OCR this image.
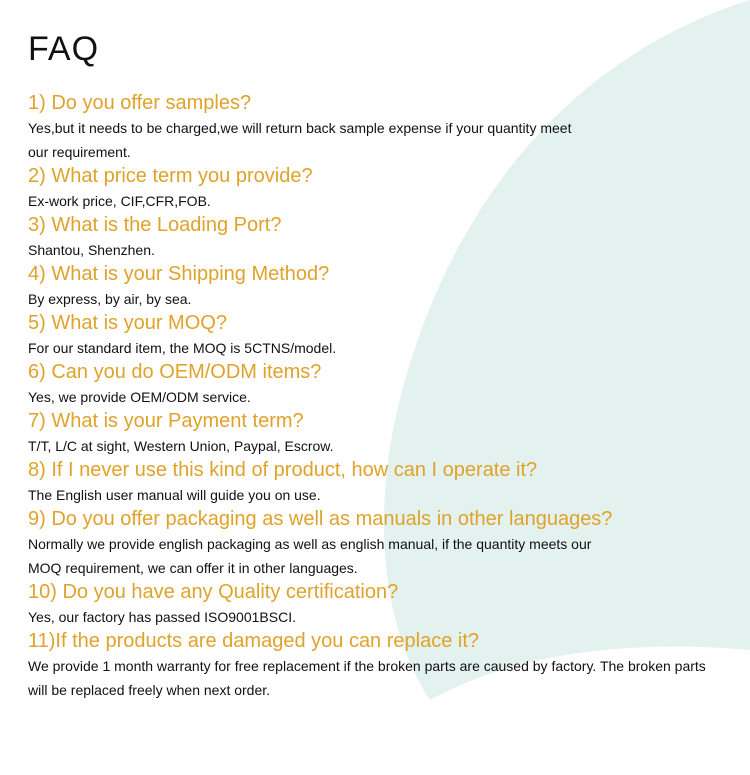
FAQ

1) Do you offer samples?

Yes,but it needs to be charged,we will return back sample expense if your quantity meet our requirement.

2) What price term you provide?

Ex-work price, CIF,CFR,FOB.

3) What is the Loading Port?

Shantou, Shenzhen.

4) What is your Shipping Method?

By express, by air, by sea.

5) What is your MOQ?

For our standard item, the MOQ is 5CTNS/model.

6) Can you do OEM/ODM items?

Yes, we provide OEM/ODM service.

7) What is your Payment term?

T/T, L/C at sight, Western Union, Paypal, Escrow.

8) If I never use this kind of product, how can I operate it?

The English user manual will guide you on use.

9) Do you offer packaging as well as manuals in other languages?

Normally we provide english packaging as well as english manual, if the quantity meets our MOQ requirement, we can offer it in other languages.

10) Do you have any Quality certification?

Yes, our factory has passed ISO9001BSCI.

11)If the products are damaged you can replace it?

We provide 1 month warranty for free replacement if the broken parts are caused by factory. The broken parts will be replaced freely when next order.
